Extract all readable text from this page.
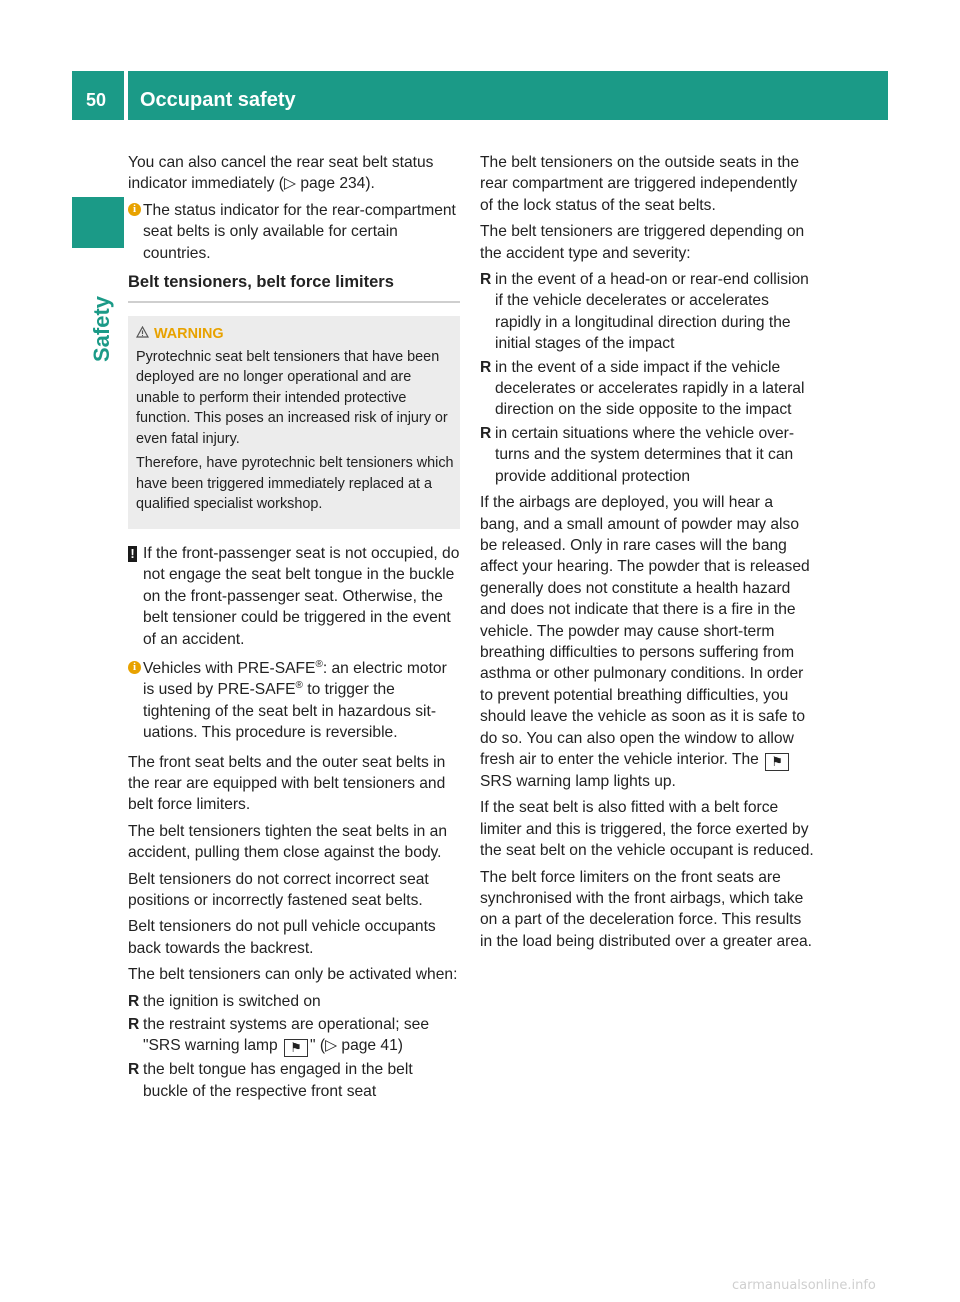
50 Occupant safety
Safety

You can also cancel the rear seat belt status indicator immediately (▷ page 234).

i The status indicator for the rear-compartment seat belts is only available for certain countries.
Belt tensioners, belt force limiters
WARNING

Pyrotechnic seat belt tensioners that have been deployed are no longer operational and are unable to perform their intended protective function. This poses an increased risk of injury or even fatal injury.

Therefore, have pyrotechnic belt tensioners which have been triggered immediately replaced at a qualified specialist workshop.

! If the front-passenger seat is not occupied, do not engage the seat belt tongue in the buckle on the front-passenger seat. Otherwise, the belt tensioner could be triggered in the event of an accident.
i Vehicles with PRE-SAFE®: an electric motor is used by PRE-SAFE® to trigger the tightening of the seat belt in hazardous situations. This procedure is reversible.

The front seat belts and the outer seat belts in the rear are equipped with belt tensioners and belt force limiters.

The belt tensioners tighten the seat belts in an accident, pulling them close against the body.

Belt tensioners do not correct incorrect seat positions or incorrectly fastened seat belts.

Belt tensioners do not pull vehicle occupants back towards the backrest.

The belt tensioners can only be activated when:

R the ignition is switched on
R the restraint systems are operational; see "SRS warning lamp ⚑ " (▷ page 41)
R the belt tongue has engaged in the belt buckle of the respective front seat

The belt tensioners on the outside seats in the rear compartment are triggered independently of the lock status of the seat belts.

The belt tensioners are triggered depending on the accident type and severity:

R in the event of a head-on or rear-end collision if the vehicle decelerates or accelerates rapidly in a longitudinal direction during the initial stages of the impact
R in the event of a side impact if the vehicle decelerates or accelerates rapidly in a lateral direction on the side opposite to the impact
R in certain situations where the vehicle overturns and the system determines that it can provide additional protection

If the airbags are deployed, you will hear a bang, and a small amount of powder may also be released. Only in rare cases will the bang affect your hearing. The powder that is released generally does not constitute a health hazard and does not indicate that there is a fire in the vehicle. The powder may cause short-term breathing difficulties to persons suffering from asthma or other pulmonary conditions. In order to prevent potential breathing difficulties, you should leave the vehicle as soon as it is safe to do so. You can also open the window to allow fresh air to enter the vehicle interior. The ⚑ SRS warning lamp lights up.

If the seat belt is also fitted with a belt force limiter and this is triggered, the force exerted by the seat belt on the vehicle occupant is reduced.

The belt force limiters on the front seats are synchronised with the front airbags, which take on a part of the deceleration force. This results in the load being distributed over a greater area.

carmanualsonline.info
